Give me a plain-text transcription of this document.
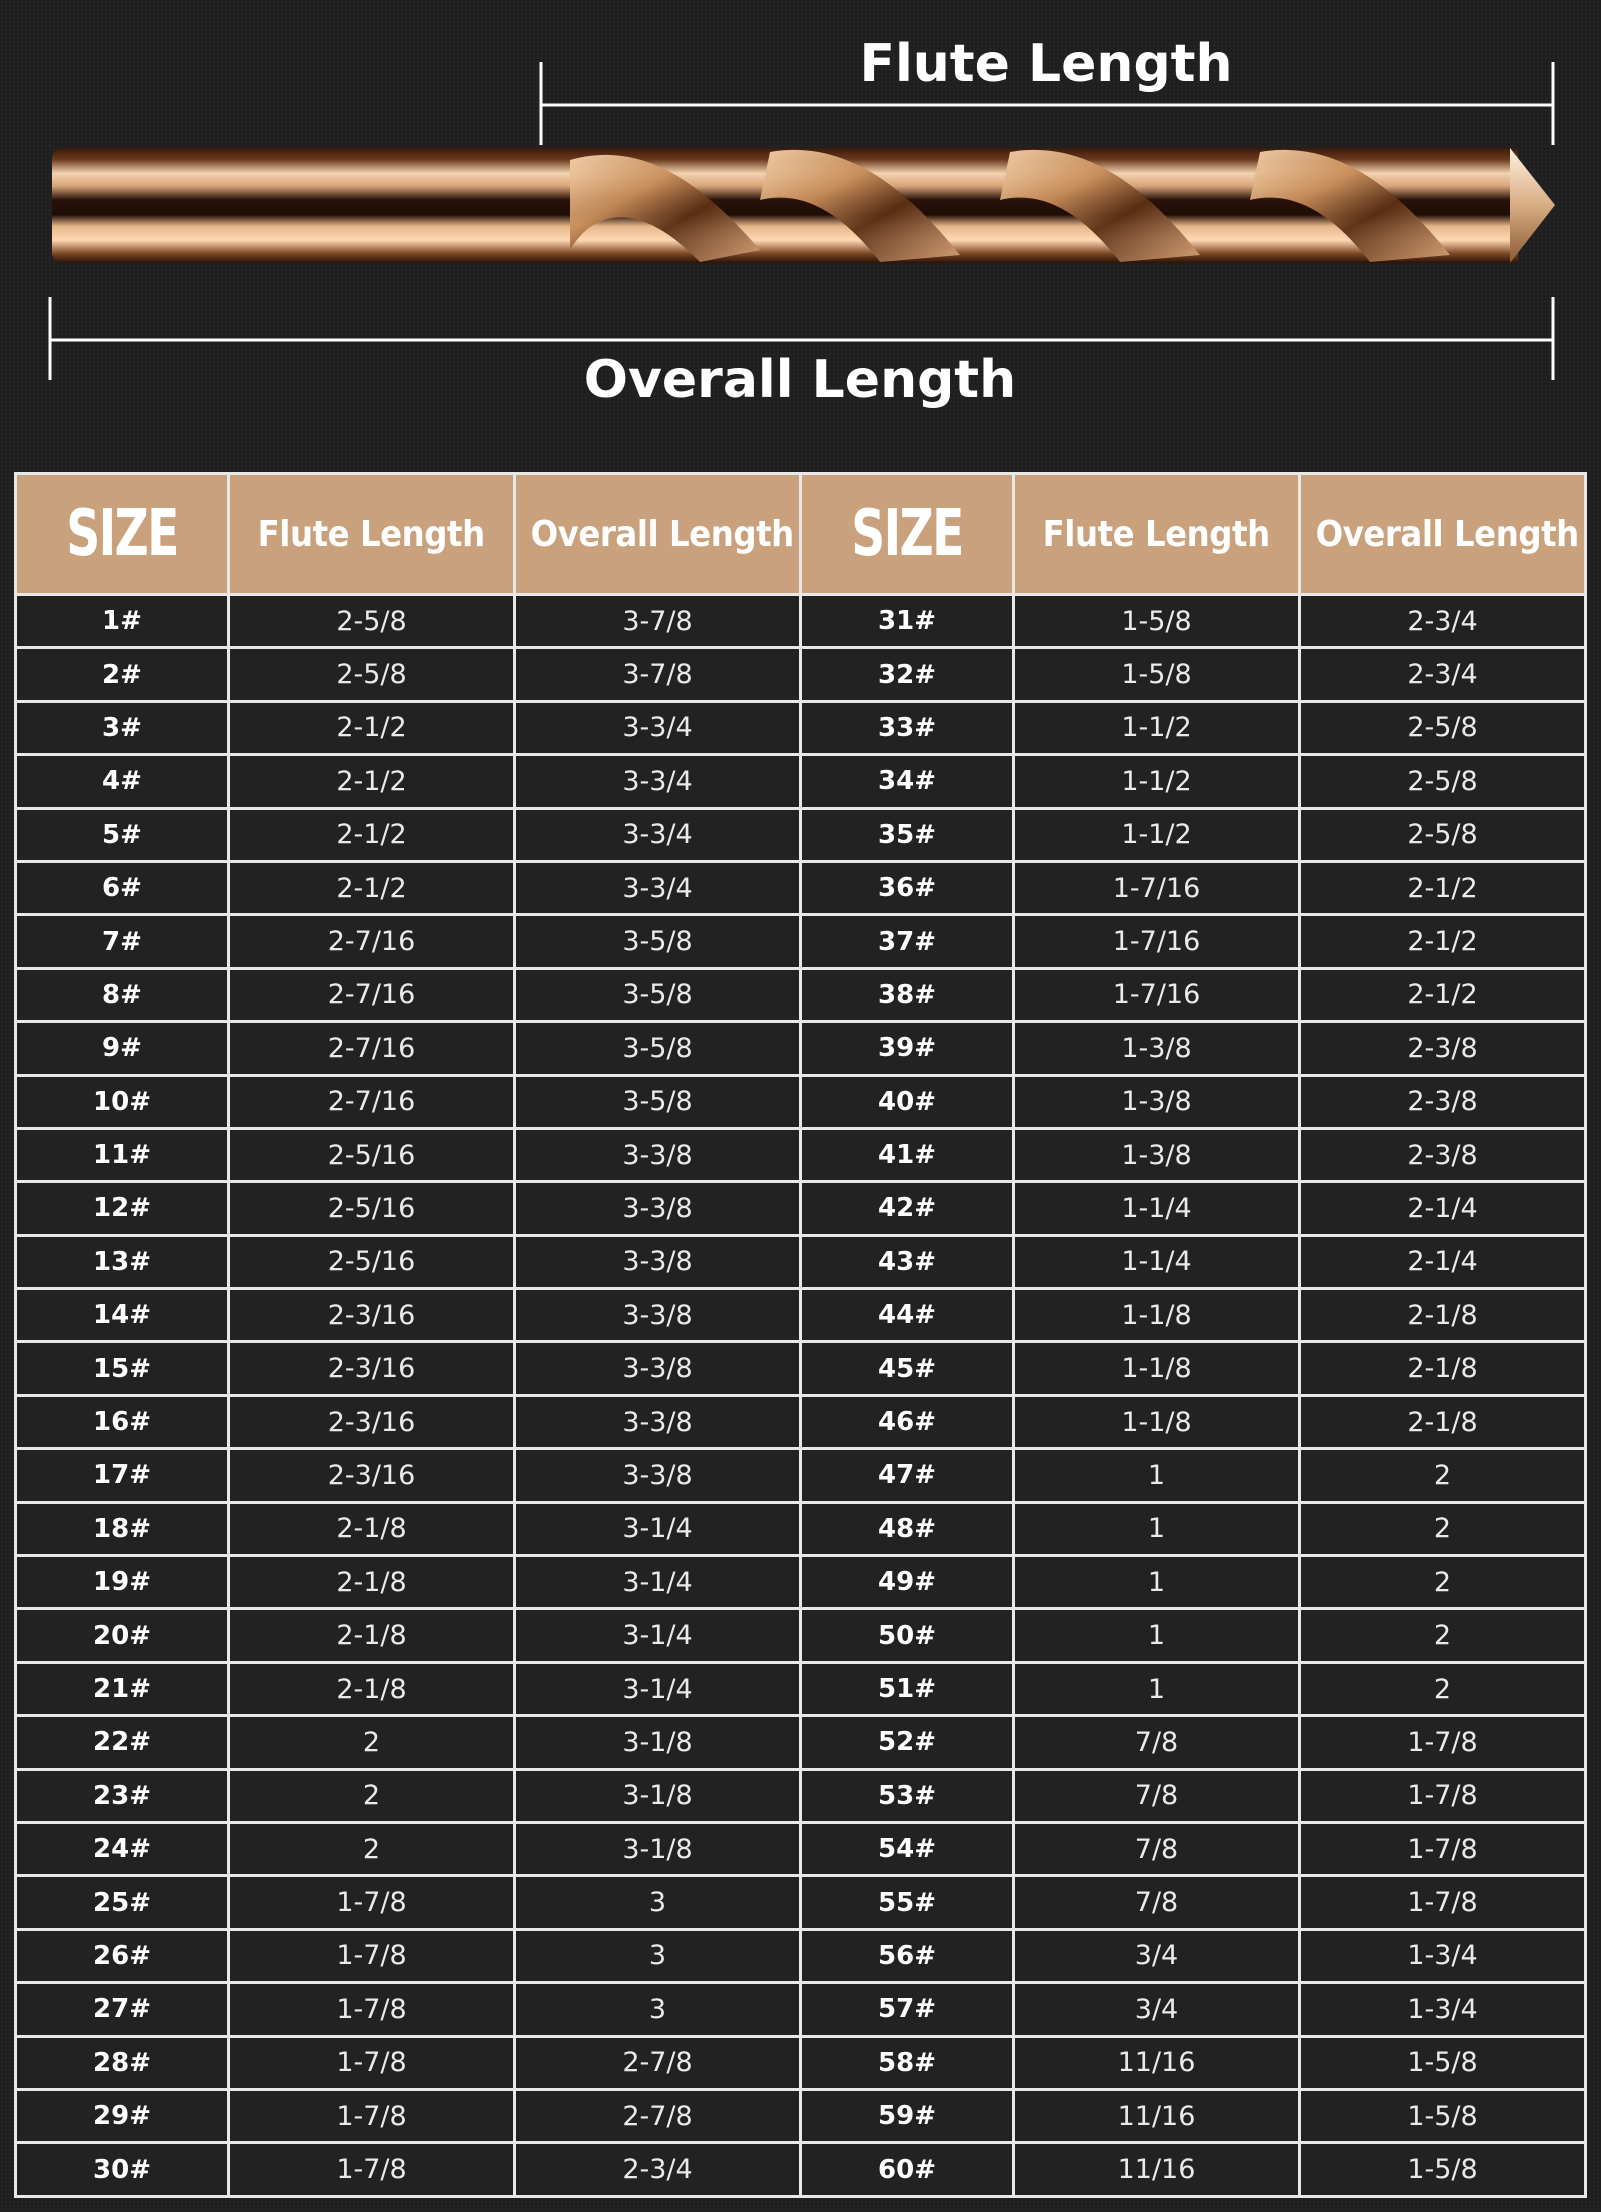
Flute Length
Overall Length
SIZE	Flute Length	Overall Length	SIZE	Flute Length	Overall Length
1#	2-5/8	3-7/8	31#	1-5/8	2-3/4
2#	2-5/8	3-7/8	32#	1-5/8	2-3/4
3#	2-1/2	3-3/4	33#	1-1/2	2-5/8
4#	2-1/2	3-3/4	34#	1-1/2	2-5/8
5#	2-1/2	3-3/4	35#	1-1/2	2-5/8
6#	2-1/2	3-3/4	36#	1-7/16	2-1/2
7#	2-7/16	3-5/8	37#	1-7/16	2-1/2
8#	2-7/16	3-5/8	38#	1-7/16	2-1/2
9#	2-7/16	3-5/8	39#	1-3/8	2-3/8
10#	2-7/16	3-5/8	40#	1-3/8	2-3/8
11#	2-5/16	3-3/8	41#	1-3/8	2-3/8
12#	2-5/16	3-3/8	42#	1-1/4	2-1/4
13#	2-5/16	3-3/8	43#	1-1/4	2-1/4
14#	2-3/16	3-3/8	44#	1-1/8	2-1/8
15#	2-3/16	3-3/8	45#	1-1/8	2-1/8
16#	2-3/16	3-3/8	46#	1-1/8	2-1/8
17#	2-3/16	3-3/8	47#	1	2
18#	2-1/8	3-1/4	48#	1	2
19#	2-1/8	3-1/4	49#	1	2
20#	2-1/8	3-1/4	50#	1	2
21#	2-1/8	3-1/4	51#	1	2
22#	2	3-1/8	52#	7/8	1-7/8
23#	2	3-1/8	53#	7/8	1-7/8
24#	2	3-1/8	54#	7/8	1-7/8
25#	1-7/8	3	55#	7/8	1-7/8
26#	1-7/8	3	56#	3/4	1-3/4
27#	1-7/8	3	57#	3/4	1-3/4
28#	1-7/8	2-7/8	58#	11/16	1-5/8
29#	1-7/8	2-7/8	59#	11/16	1-5/8
30#	1-7/8	2-3/4	60#	11/16	1-5/8
